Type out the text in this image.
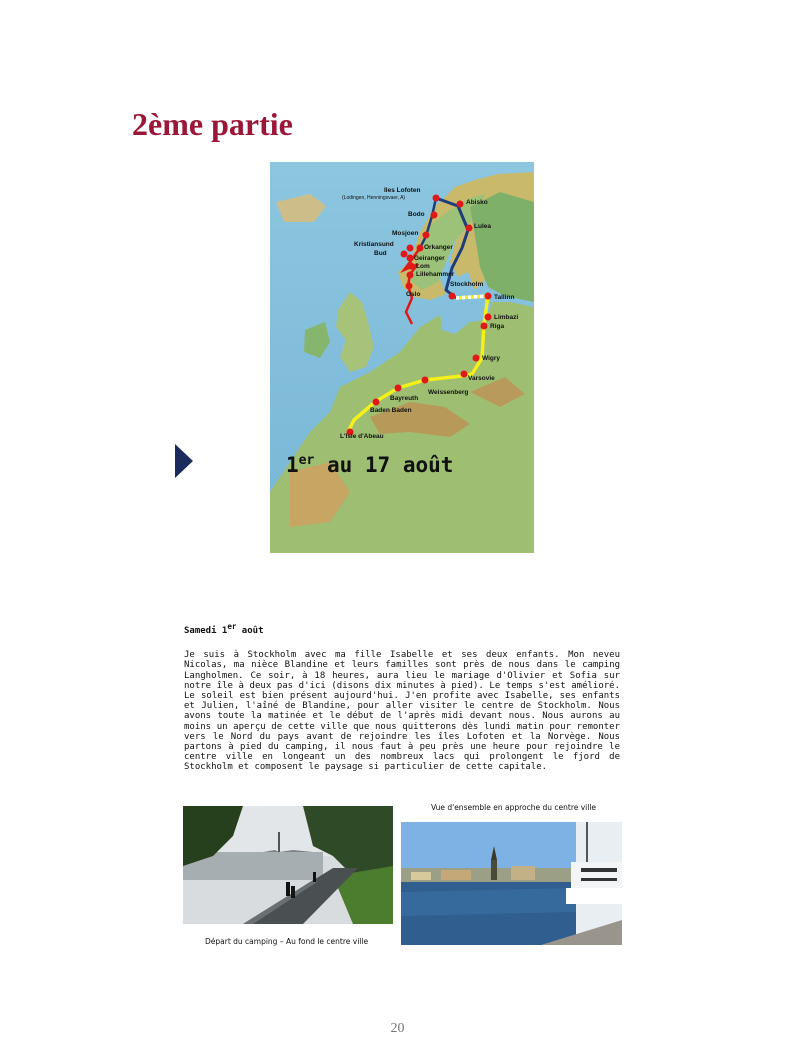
2ème partie
Iles Lofoten
(Lodingen, Henningsvaer, A)
Abisko
Bodo
Lulea
Mosjoen
Kristiansund	Orkanger
Bud
Geiranger
Lom
Lillehammer
Stockholm
Oslo	Tallinn
Limbazi
Riga
Wigry
Varsovie
Weissenberg
Bayreuth
Baden Baden
L'Isle d'Abeau
1er au 17 août
Samedi 1er août

Je suis à Stockholm avec ma fille Isabelle et ses deux enfants. Mon neveu Nicolas, ma nièce Blandine et leurs familles sont près de nous dans le camping Langholmen. Ce soir, à 18 heures, aura lieu le mariage d'Olivier et Sofia sur notre île à deux pas d'ici (disons dix minutes à pied). Le temps s'est amélioré. Le soleil est bien présent aujourd'hui. J'en profite avec Isabelle, ses enfants et Julien, l'aîné de Blandine, pour aller visiter le centre de Stockholm. Nous avons toute la matinée et le début de l'après midi devant nous. Nous aurons au moins un aperçu de cette ville que nous quitterons dès lundi matin pour remonter vers le Nord du pays avant de rejoindre les îles Lofoten et la Norvège. Nous partons à pied du camping, il nous faut à peu près une heure pour rejoindre le centre ville en longeant un des nombreux lacs qui prolongent le fjord de Stockholm et composent le paysage si particulier de cette capitale.

Départ du camping – Au fond le centre ville
Vue d'ensemble en approche du centre ville
20
